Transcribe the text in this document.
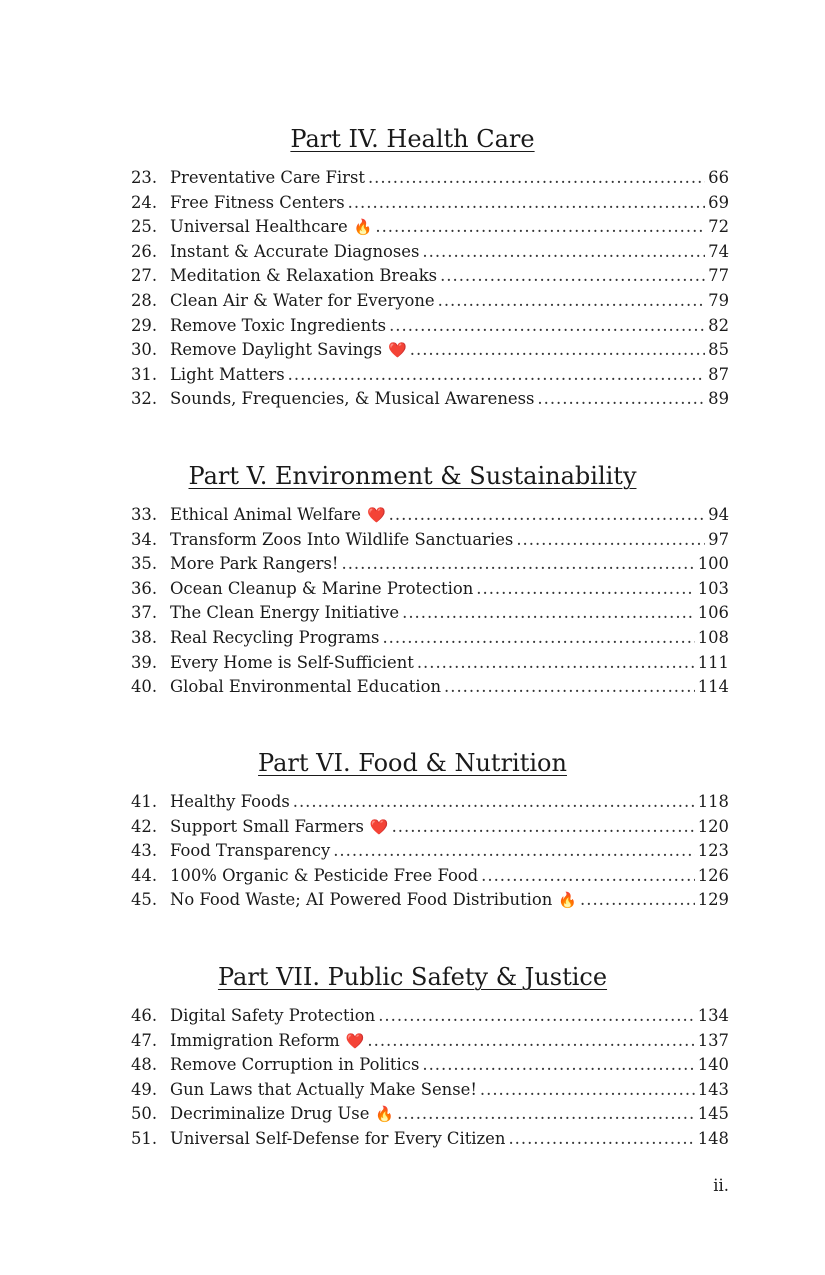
Part IV. Health Care
23. Preventative Care First .....	66
24. Free Fitness Centers .....	69
25. Universal Healthcare 🔥 .....	72
26. Instant & Accurate Diagnoses .....	74
27. Meditation & Relaxation Breaks .....	77
28. Clean Air & Water for Everyone .....	79
29. Remove Toxic Ingredients .....	82
30. Remove Daylight Savings ❤️ .....	85
31. Light Matters .....	87
32. Sounds, Frequencies, & Musical Awareness .....	89
Part V. Environment & Sustainability
33. Ethical Animal Welfare ❤️ .....	94
34. Transform Zoos Into Wildlife Sanctuaries .....	97
35. More Park Rangers! .....	100
36. Ocean Cleanup & Marine Protection .....	103
37. The Clean Energy Initiative .....	106
38. Real Recycling Programs .....	108
39. Every Home is Self-Sufficient .....	111
40. Global Environmental Education .....	114
Part VI. Food & Nutrition
41. Healthy Foods .....	118
42. Support Small Farmers ❤️ .....	120
43. Food Transparency .....	123
44. 100% Organic & Pesticide Free Food .....	126
45. No Food Waste; AI Powered Food Distribution 🔥 .....	129
Part VII. Public Safety & Justice
46. Digital Safety Protection .....	134
47. Immigration Reform ❤️ .....	137
48. Remove Corruption in Politics .....	140
49. Gun Laws that Actually Make Sense! .....	143
50. Decriminalize Drug Use 🔥 .....	145
51. Universal Self-Defense for Every Citizen .....	148
ii.
